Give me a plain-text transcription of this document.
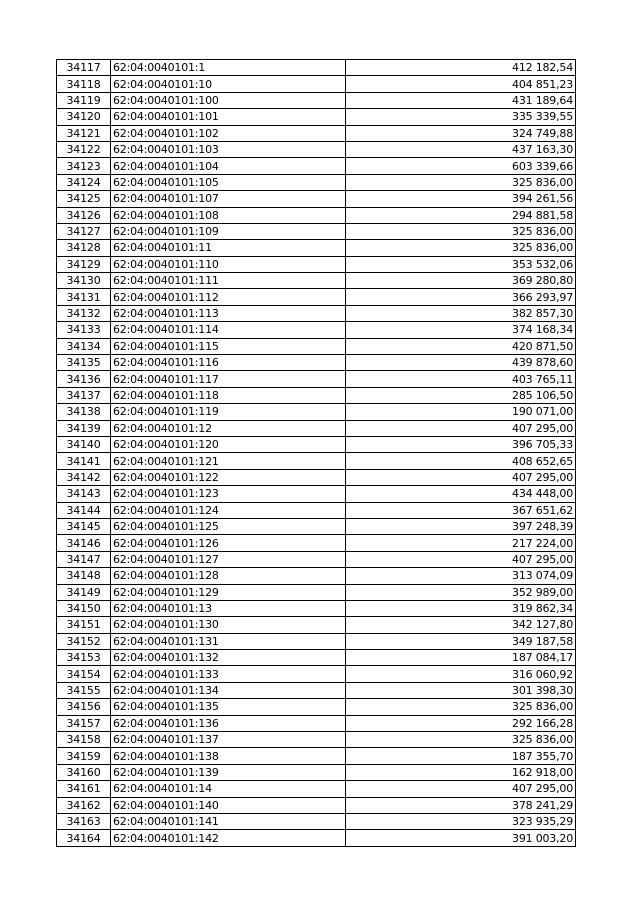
34117	62:04:0040101:1	412 182,54
34118	62:04:0040101:10	404 851,23
34119	62:04:0040101:100	431 189,64
34120	62:04:0040101:101	335 339,55
34121	62:04:0040101:102	324 749,88
34122	62:04:0040101:103	437 163,30
34123	62:04:0040101:104	603 339,66
34124	62:04:0040101:105	325 836,00
34125	62:04:0040101:107	394 261,56
34126	62:04:0040101:108	294 881,58
34127	62:04:0040101:109	325 836,00
34128	62:04:0040101:11	325 836,00
34129	62:04:0040101:110	353 532,06
34130	62:04:0040101:111	369 280,80
34131	62:04:0040101:112	366 293,97
34132	62:04:0040101:113	382 857,30
34133	62:04:0040101:114	374 168,34
34134	62:04:0040101:115	420 871,50
34135	62:04:0040101:116	439 878,60
34136	62:04:0040101:117	403 765,11
34137	62:04:0040101:118	285 106,50
34138	62:04:0040101:119	190 071,00
34139	62:04:0040101:12	407 295,00
34140	62:04:0040101:120	396 705,33
34141	62:04:0040101:121	408 652,65
34142	62:04:0040101:122	407 295,00
34143	62:04:0040101:123	434 448,00
34144	62:04:0040101:124	367 651,62
34145	62:04:0040101:125	397 248,39
34146	62:04:0040101:126	217 224,00
34147	62:04:0040101:127	407 295,00
34148	62:04:0040101:128	313 074,09
34149	62:04:0040101:129	352 989,00
34150	62:04:0040101:13	319 862,34
34151	62:04:0040101:130	342 127,80
34152	62:04:0040101:131	349 187,58
34153	62:04:0040101:132	187 084,17
34154	62:04:0040101:133	316 060,92
34155	62:04:0040101:134	301 398,30
34156	62:04:0040101:135	325 836,00
34157	62:04:0040101:136	292 166,28
34158	62:04:0040101:137	325 836,00
34159	62:04:0040101:138	187 355,70
34160	62:04:0040101:139	162 918,00
34161	62:04:0040101:14	407 295,00
34162	62:04:0040101:140	378 241,29
34163	62:04:0040101:141	323 935,29
34164	62:04:0040101:142	391 003,20
